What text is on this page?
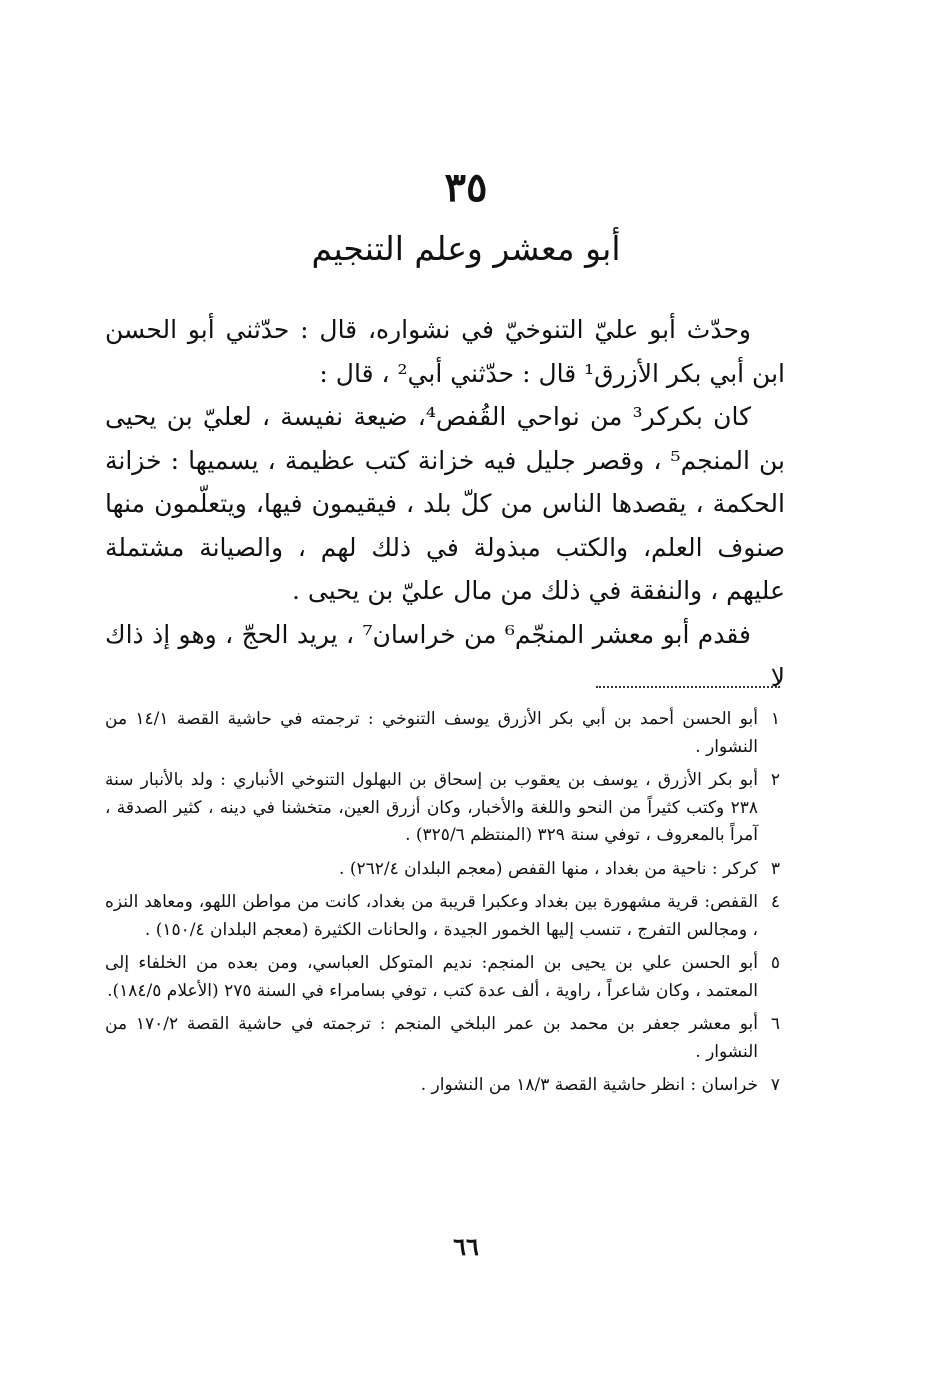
٣٥
أبو معشر وعلم التنجيم

وحدّث أبو عليّ التنوخيّ في نشواره، قال : حدّثني أبو الحسن ابن أبي بكر الأزرق¹ قال : حدّثني أبي² ، قال :

كان بكركر³ من نواحي القُفص⁴، ضيعة نفيسة ، لعليّ بن يحيى بن المنجم⁵ ، وقصر جليل فيه خزانة كتب عظيمة ، يسميها : خزانة الحكمة ، يقصدها الناس من كلّ بلد ، فيقيمون فيها، ويتعلّمون منها صنوف العلم، والكتب مبذولة في ذلك لهم ، والصيانة مشتملة عليهم ، والنفقة في ذلك من مال عليّ بن يحيى .

فقدم أبو معشر المنجّم⁶ من خراسان⁷ ، يريد الحجّ ، وهو إذ ذاك لا

١
أبو الحسن أحمد بن أبي بكر الأزرق يوسف التنوخي : ترجمته في حاشية القصة ١٤/١ من النشوار .
٢
أبو بكر الأزرق ، يوسف بن يعقوب بن إسحاق بن البهلول التنوخي الأنباري : ولد بالأنبار سنة ٢٣٨ وكتب كثيراً من النحو واللغة والأخبار، وكان أزرق العين، متخشنا في دينه ، كثير الصدقة ، آمراً بالمعروف ، توفي سنة ٣٢٩ (المنتظم ٣٢٥/٦) .
٣
كركر : ناحية من بغداد ، منها القفص (معجم البلدان ٢٦٢/٤) .
٤
القفص: قرية مشهورة بين بغداد وعكبرا قريبة من بغداد، كانت من مواطن اللهو، ومعاهد النزه ، ومجالس التفرج ، تنسب إليها الخمور الجيدة ، والحانات الكثيرة (معجم البلدان ١٥٠/٤) .
٥
أبو الحسن علي بن يحيى بن المنجم: نديم المتوكل العباسي، ومن بعده من الخلفاء إلى المعتمد ، وكان شاعراً ، راوية ، ألف عدة كتب ، توفي بسامراء في السنة ٢٧٥ (الأعلام ١٨٤/٥).
٦
أبو معشر جعفر بن محمد بن عمر البلخي المنجم : ترجمته في حاشية القصة ١٧٠/٢ من النشوار .
٧
خراسان : انظر حاشية القصة ١٨/٣ من النشوار .
٦٦
